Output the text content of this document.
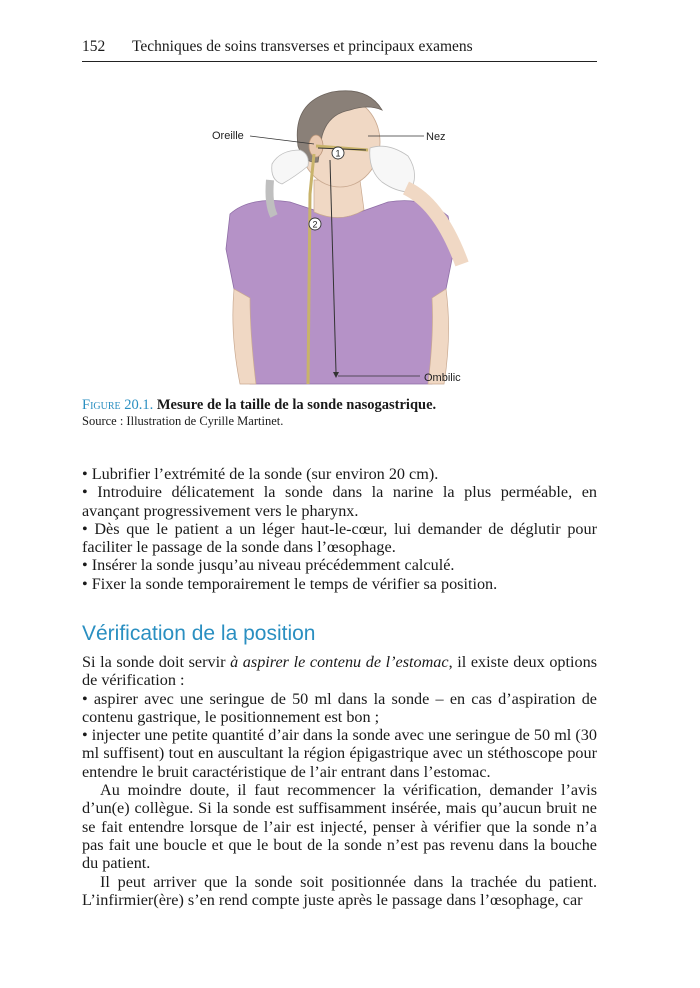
152 Techniques de soins transverses et principaux examens
1
2
Oreille	Nez
Ombilic
Figure 20.1. Mesure de la taille de la sonde nasogastrique.
Source : Illustration de Cyrille Martinet.

• Lubrifier l’extrémité de la sonde (sur environ 20 cm).

• Introduire délicatement la sonde dans la narine la plus perméable, en avançant progressivement vers le pharynx.

• Dès que le patient a un léger haut-le-cœur, lui demander de déglutir pour faciliter le passage de la sonde dans l’œsophage.

• Insérer la sonde jusqu’au niveau précédemment calculé.

• Fixer la sonde temporairement le temps de vérifier sa position.

Vérification de la position

Si la sonde doit servir à aspirer le contenu de l’estomac, il existe deux options de vérification :

• aspirer avec une seringue de 50 ml dans la sonde – en cas d’aspiration de contenu gastrique, le positionnement est bon ;

• injecter une petite quantité d’air dans la sonde avec une seringue de 50 ml (30 ml suffisent) tout en auscultant la région épigastrique avec un stéthoscope pour entendre le bruit caractéristique de l’air entrant dans l’estomac.

Au moindre doute, il faut recommencer la vérification, demander l’avis d’un(e) collègue. Si la sonde est suffisamment insérée, mais qu’aucun bruit ne se fait entendre lorsque de l’air est injecté, penser à vérifier que la sonde n’a pas fait une boucle et que le bout de la sonde n’est pas revenu dans la bouche du patient.

Il peut arriver que la sonde soit positionnée dans la trachée du patient. L’infirmier(ère) s’en rend compte juste après le passage dans l’œsophage, car
